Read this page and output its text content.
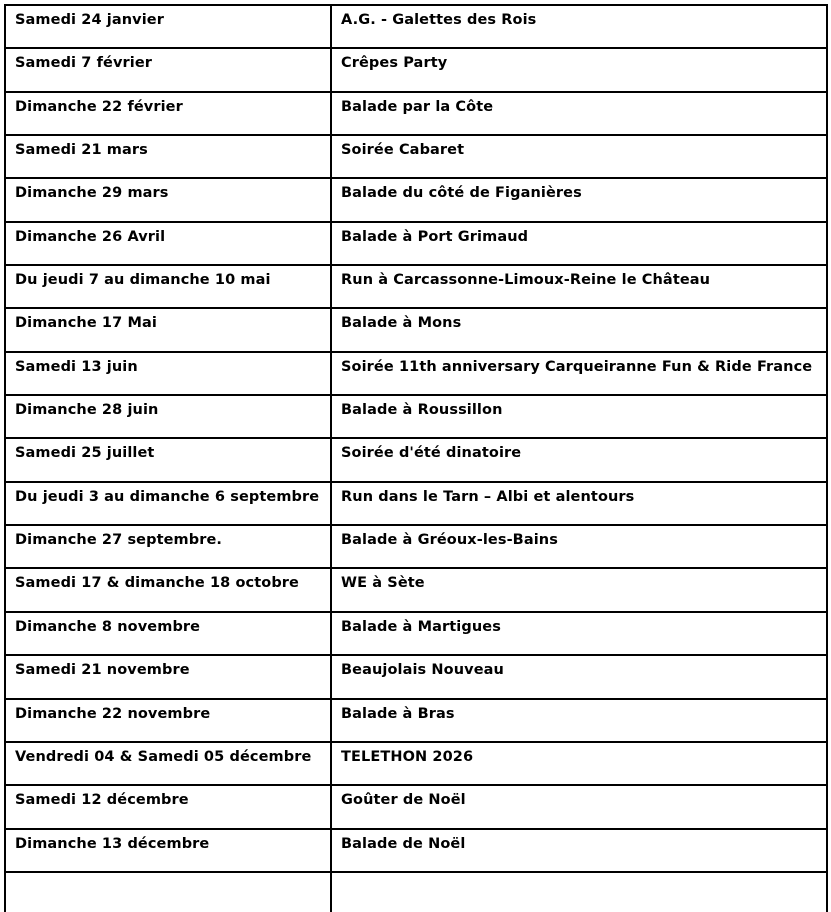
Samedi 24 janvier	A.G. - Galettes des Rois
Samedi 7 février	Crêpes Party
Dimanche 22 février	Balade par la Côte
Samedi 21 mars	Soirée Cabaret
Dimanche 29 mars	Balade du côté de Figanières
Dimanche 26 Avril	Balade à Port Grimaud
Du jeudi 7 au dimanche 10 mai	Run à Carcassonne-Limoux-Reine le Château
Dimanche 17 Mai	Balade à Mons
Samedi 13 juin	Soirée 11th anniversary Carqueiranne Fun & Ride France
Dimanche 28 juin	Balade à Roussillon
Samedi 25 juillet	Soirée d'été dinatoire
Du jeudi 3 au dimanche 6 septembre	Run dans le Tarn – Albi et alentours
Dimanche 27 septembre.	Balade à Gréoux-les-Bains
Samedi 17 & dimanche 18 octobre	WE à Sète
Dimanche 8 novembre	Balade à Martigues
Samedi 21 novembre	Beaujolais Nouveau
Dimanche 22 novembre	Balade à Bras
Vendredi 04 & Samedi 05 décembre	TELETHON 2026
Samedi 12 décembre	Goûter de Noël
Dimanche 13 décembre	Balade de Noël
